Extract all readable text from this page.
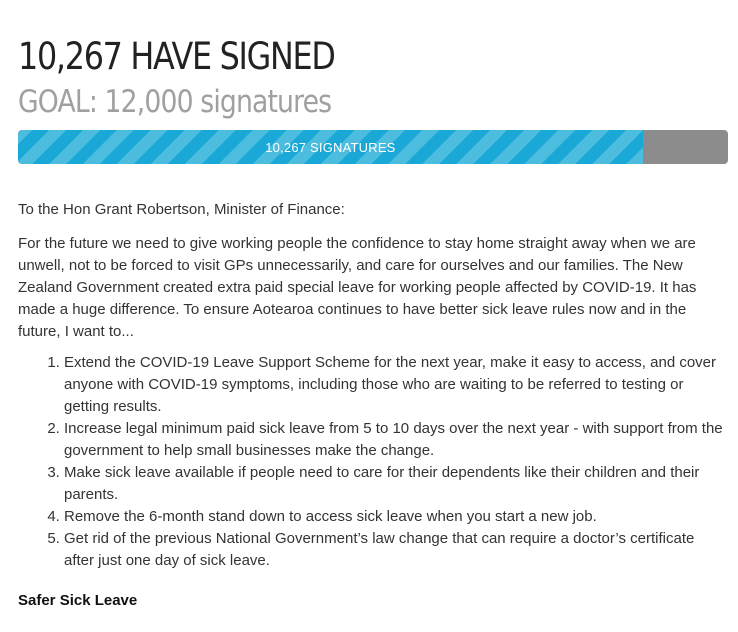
10,267 HAVE SIGNED
GOAL: 12,000 signatures
10,267 SIGNATURES
To the Hon Grant Robertson, Minister of Finance:

For the future we need to give working people the confidence to stay home straight away when we are unwell, not to be forced to visit GPs unnecessarily, and care for ourselves and our families. The New Zealand Government created extra paid special leave for working people affected by COVID-19. It has made a huge difference. To ensure Aotearoa continues to have better sick leave rules now and in the future, I want to...

1. Extend the COVID-19 Leave Support Scheme for the next year, make it easy to access, and cover anyone with COVID-19 symptoms, including those who are waiting to be referred to testing or getting results.
2. Increase legal minimum paid sick leave from 5 to 10 days over the next year - with support from the government to help small businesses make the change.
3. Make sick leave available if people need to care for their dependents like their children and their parents.
4. Remove the 6-month stand down to access sick leave when you start a new job.
5. Get rid of the previous National Government’s law change that can require a doctor’s certificate after just one day of sick leave.
Safer Sick Leave
